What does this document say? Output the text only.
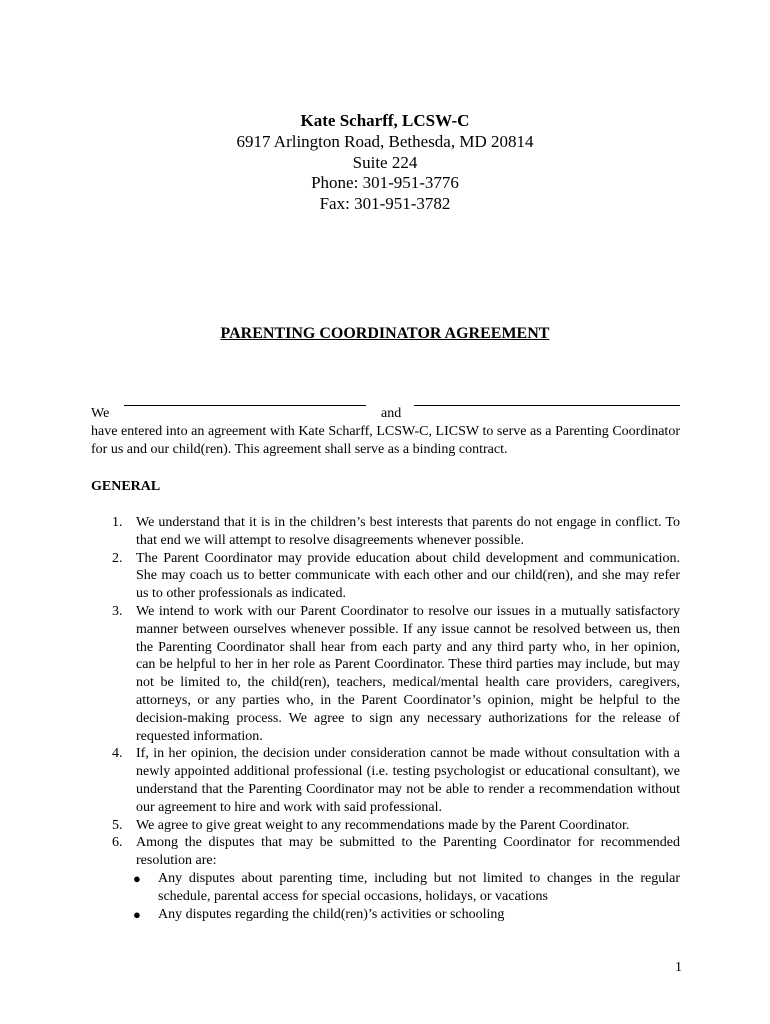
Kate Scharff, LCSW-C
6917 Arlington Road, Bethesda, MD 20814
Suite 224
Phone: 301-951-3776
Fax: 301-951-3782
PARENTING COORDINATOR AGREEMENT
We	and
have entered into an agreement with Kate Scharff, LCSW-C, LICSW to serve as a Parenting Coordinator for us and our child(ren). This agreement shall serve as a binding contract.
GENERAL
1. We understand that it is in the children’s best interests that parents do not engage in conflict. To that end we will attempt to resolve disagreements whenever possible.
2. The Parent Coordinator may provide education about child development and communication. She may coach us to better communicate with each other and our child(ren), and she may refer us to other professionals as indicated.
3. We intend to work with our Parent Coordinator to resolve our issues in a mutually satisfactory manner between ourselves whenever possible. If any issue cannot be resolved between us, then the Parenting Coordinator shall hear from each party and any third party who, in her opinion, can be helpful to her in her role as Parent Coordinator. These third parties may include, but may not be limited to, the child(ren), teachers, medical/mental health care providers, caregivers, attorneys, or any parties who, in the Parent Coordinator’s opinion, might be helpful to the decision-making process. We agree to sign any necessary authorizations for the release of requested information.
4. If, in her opinion, the decision under consideration cannot be made without consultation with a newly appointed additional professional (i.e. testing psychologist or educational consultant), we understand that the Parenting Coordinator may not be able to render a recommendation without our agreement to hire and work with said professional.
5. We agree to give great weight to any recommendations made by the Parent Coordinator.
6. Among the disputes that may be submitted to the Parenting Coordinator for recommended resolution are:
● Any disputes about parenting time, including but not limited to changes in the regular schedule, parental access for special occasions, holidays, or vacations
● Any disputes regarding the child(ren)’s activities or schooling
1
